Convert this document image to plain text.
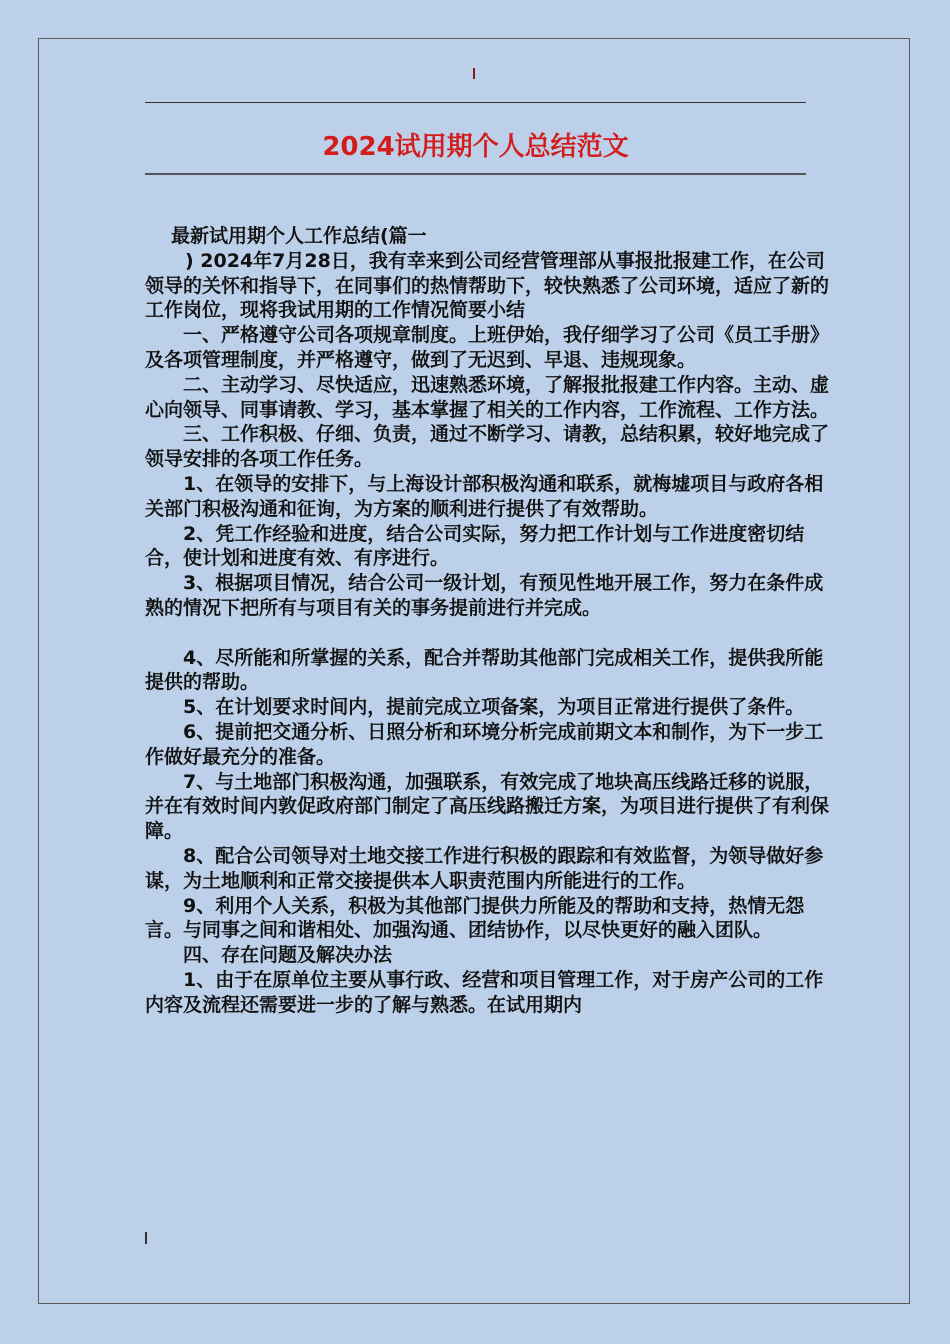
2024试用期个人总结范文

最新试用期个人工作总结(篇一

) 2024年7月28日，我有幸来到公司经营管理部从事报批报建工作，在公司领导的关怀和指导下，在同事们的热情帮助下，较快熟悉了公司环境，适应了新的工作岗位，现将我试用期的工作情况简要小结

一、严格遵守公司各项规章制度。上班伊始，我仔细学习了公司《员工手册》及各项管理制度，并严格遵守，做到了无迟到、早退、违规现象。

二、主动学习、尽快适应，迅速熟悉环境，了解报批报建工作内容。主动、虚心向领导、同事请教、学习，基本掌握了相关的工作内容，工作流程、工作方法。

三、工作积极、仔细、负责，通过不断学习、请教，总结积累，较好地完成了领导安排的各项工作任务。

1、在领导的安排下，与上海设计部积极沟通和联系，就梅墟项目与政府各相关部门积极沟通和征询，为方案的顺利进行提供了有效帮助。

2、凭工作经验和进度，结合公司实际，努力把工作计划与工作进度密切结合，使计划和进度有效、有序进行。

3、根据项目情况，结合公司一级计划，有预见性地开展工作，努力在条件成熟的情况下把所有与项目有关的事务提前进行并完成。

4、尽所能和所掌握的关系，配合并帮助其他部门完成相关工作，提供我所能提供的帮助。

5、在计划要求时间内，提前完成立项备案，为项目正常进行提供了条件。

6、提前把交通分析、日照分析和环境分析完成前期文本和制作，为下一步工作做好最充分的准备。

7、与土地部门积极沟通，加强联系，有效完成了地块高压线路迁移的说服，并在有效时间内敦促政府部门制定了高压线路搬迁方案，为项目进行提供了有利保障。

8、配合公司领导对土地交接工作进行积极的跟踪和有效监督，为领导做好参谋，为土地顺利和正常交接提供本人职责范围内所能进行的工作。

9、利用个人关系，积极为其他部门提供力所能及的帮助和支持，热情无怨言。与同事之间和谐相处、加强沟通、团结协作，以尽快更好的融入团队。

四、存在问题及解决办法

1、由于在原单位主要从事行政、经营和项目管理工作，对于房产公司的工作内容及流程还需要进一步的了解与熟悉。在试用期内
